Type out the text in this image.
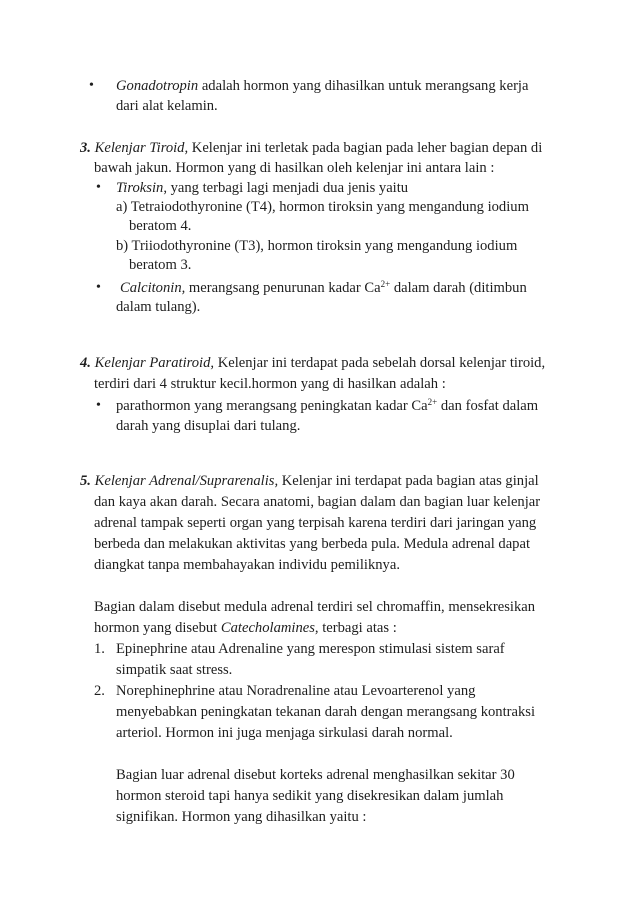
• Gonadotropin adalah hormon yang dihasilkan untuk merangsang kerja
dari alat kelamin.
3. Kelenjar Tiroid, Kelenjar ini terletak pada bagian pada leher bagian depan di
bawah jakun. Hormon yang di hasilkan oleh kelenjar ini antara lain :
• Tiroksin, yang terbagi lagi menjadi dua jenis yaitu
a) Tetraiodothyronine (T4), hormon tiroksin yang mengandung iodium
beratom 4.
b) Triiodothyronine (T3), hormon tiroksin yang mengandung iodium
beratom 3.
• Calcitonin, merangsang penurunan kadar $Ca^{2+}$ dalam darah (ditimbun
dalam tulang).
4. Kelenjar Paratiroid, Kelenjar ini terdapat pada sebelah dorsal kelenjar tiroid,
terdiri dari 4 struktur kecil.hormon yang di hasilkan adalah :
• parathormon yang merangsang peningkatan kadar $Ca^{2+}$ dan fosfat dalam
darah yang disuplai dari tulang.
5. Kelenjar Adrenal/Suprarenalis, Kelenjar ini terdapat pada bagian atas ginjal
dan kaya akan darah. Secara anatomi, bagian dalam dan bagian luar kelenjar
adrenal tampak seperti organ yang terpisah karena terdiri dari jaringan yang
berbeda dan melakukan aktivitas yang berbeda pula. Medula adrenal dapat
diangkat tanpa membahayakan individu pemiliknya.
Bagian dalam disebut medula adrenal terdiri sel chromaffin, mensekresikan
hormon yang disebut Catecholamines, terbagi atas :
1. Epinephrine atau Adrenaline yang merespon stimulasi sistem saraf
simpatik saat stress.
2. Norephinephrine atau Noradrenaline atau Levoarterenol yang
menyebabkan peningkatan tekanan darah dengan merangsang kontraksi
arteriol. Hormon ini juga menjaga sirkulasi darah normal.
Bagian luar adrenal disebut korteks adrenal menghasilkan sekitar 30
hormon steroid tapi hanya sedikit yang disekresikan dalam jumlah
signifikan. Hormon yang dihasilkan yaitu :
